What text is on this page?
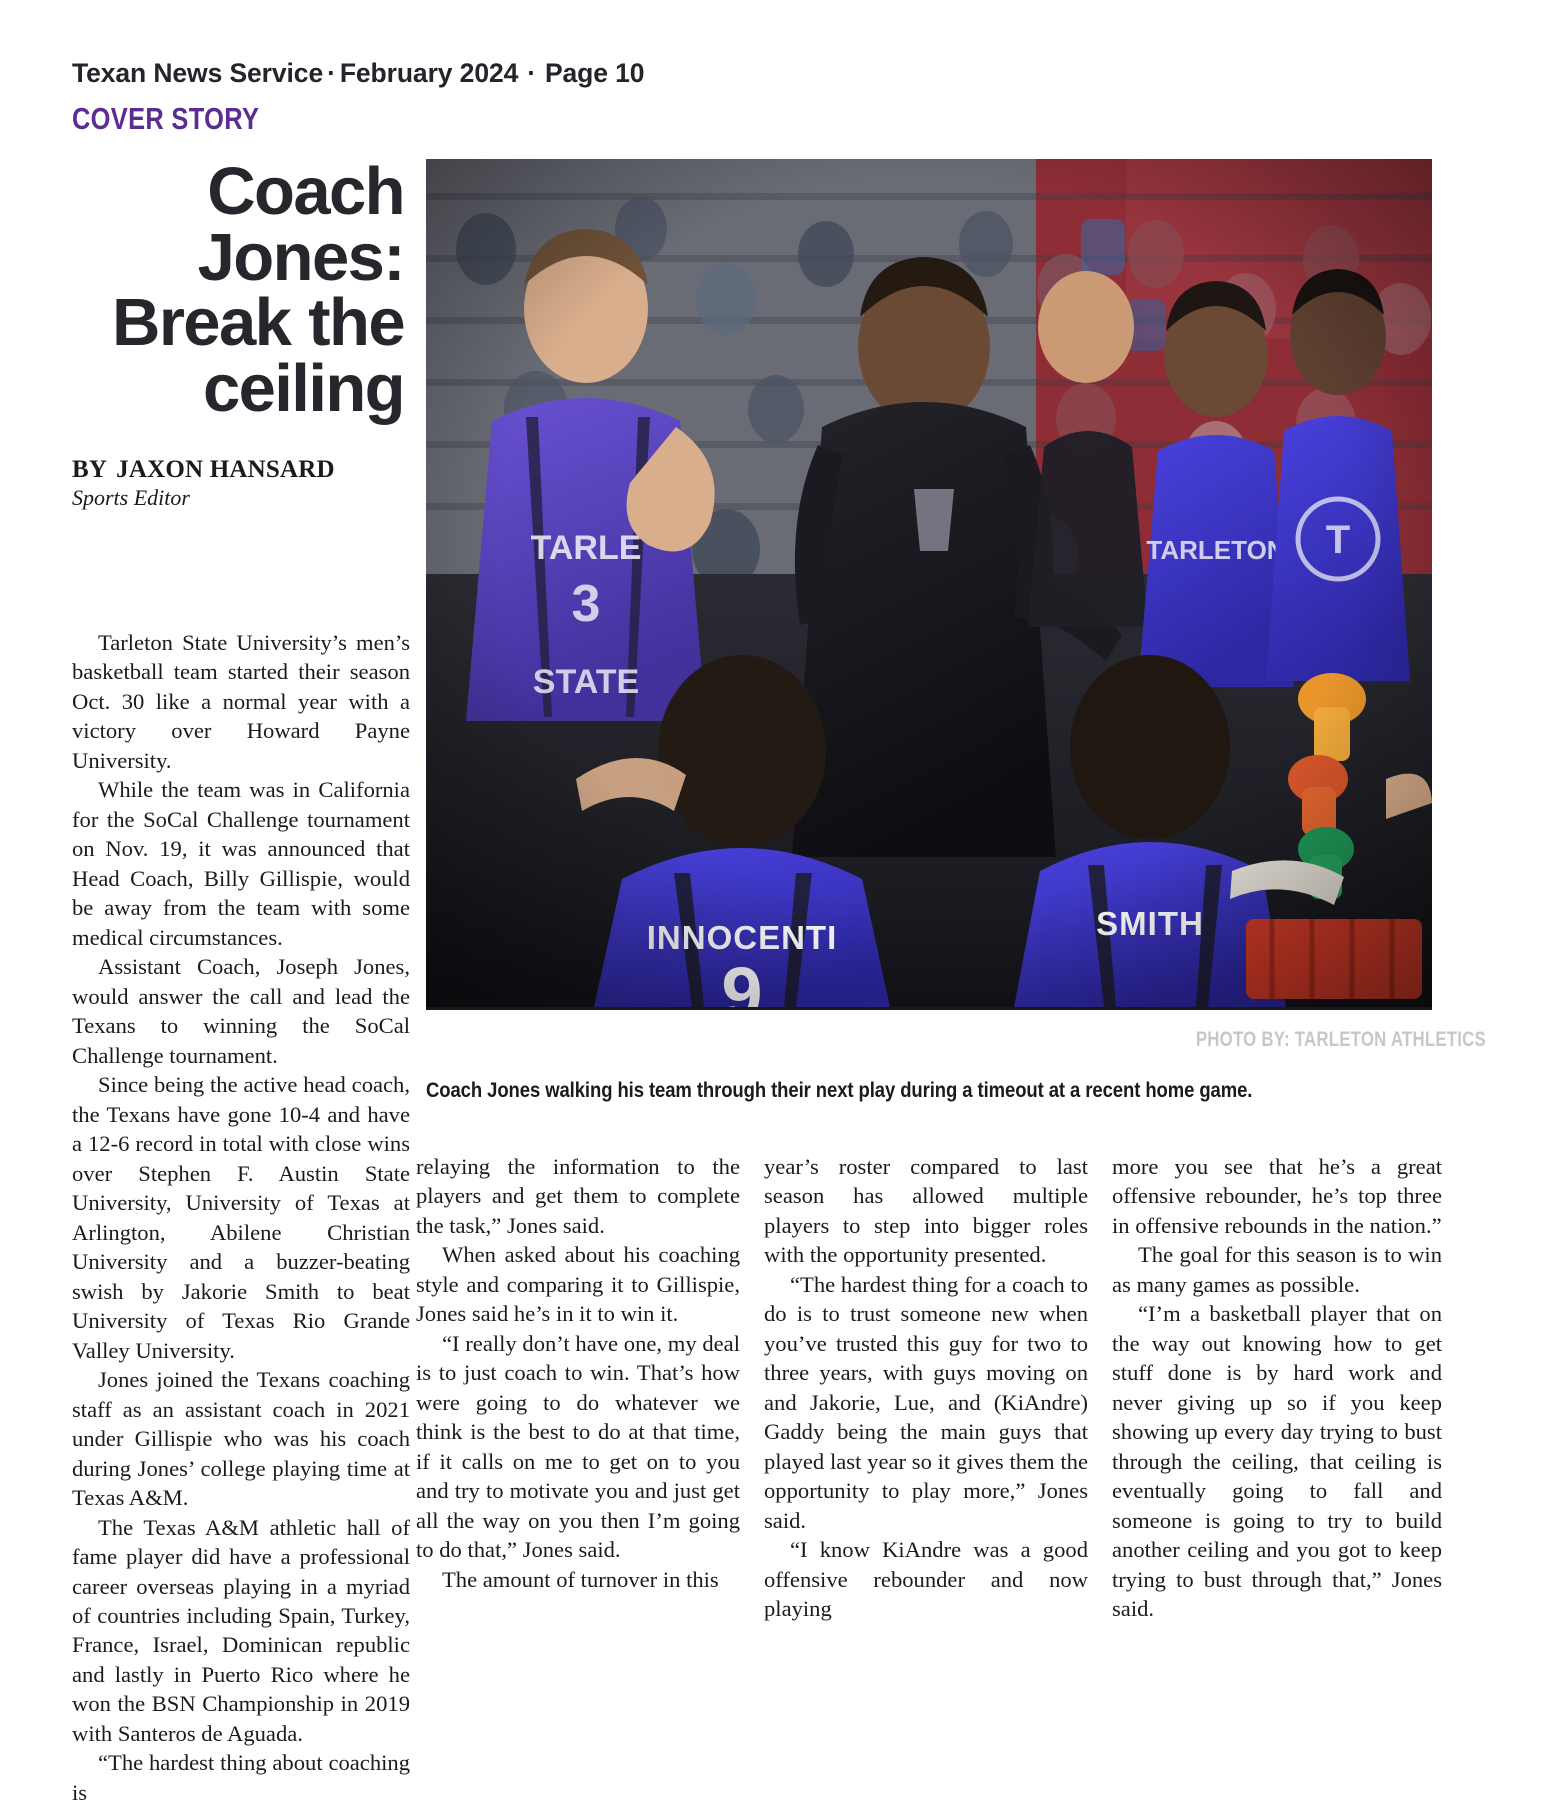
Texan News Service · February 2024 · Page 10
COVER STORY
Coach Jones: Break the ceiling
BY JAXON HANSARD
Sports Editor
PHOTO BY: TARLETON ATHLETICS
Coach Jones walking his team through their next play during a timeout at a recent home game.

Tarleton State University’s men’s basketball team started their season Oct. 30 like a normal year with a victory over Howard Payne University.

While the team was in California for the SoCal Challenge tournament on Nov. 19, it was announced that Head Coach, Billy Gillispie, would be away from the team with some medical circumstances.

Assistant Coach, Joseph Jones, would answer the call and lead the Texans to winning the SoCal Challenge tournament.

Since being the active head coach, the Texans have gone 10-4 and have a 12-6 record in total with close wins over Stephen F. Austin State University, University of Texas at Arlington, Abilene Christian University and a buzzer-beating swish by Jakorie Smith to beat University of Texas Rio Grande Valley University.

Jones joined the Texans coaching staff as an assistant coach in 2021 under Gillispie who was his coach during Jones’ college playing time at Texas A&M.

The Texas A&M athletic hall of fame player did have a professional career overseas playing in a myriad of countries including Spain, Turkey, France, Israel, Dominican republic and lastly in Puerto Rico where he won the BSN Championship in 2019 with Santeros de Aguada.

“The hardest thing about coaching is

relaying the information to the players and get them to complete the task,” Jones said.

When asked about his coaching style and comparing it to Gillispie, Jones said he’s in it to win it.

“I really don’t have one, my deal is to just coach to win. That’s how were going to do whatever we think is the best to do at that time, if it calls on me to get on to you and try to motivate you and just get all the way on you then I’m going to do that,” Jones said.

The amount of turnover in this

year’s roster compared to last season has allowed multiple players to step into bigger roles with the opportunity presented.

“The hardest thing for a coach to do is to trust someone new when you’ve trusted this guy for two to three years, with guys moving on and Jakorie, Lue, and (KiAndre) Gaddy being the main guys that played last year so it gives them the opportunity to play more,” Jones said.

“I know KiAndre was a good offensive rebounder and now playing

more you see that he’s a great offensive rebounder, he’s top three in offensive rebounds in the nation.”

The goal for this season is to win as many games as possible.

“I’m a basketball player that on the way out knowing how to get stuff done is by hard work and never giving up so if you keep showing up every day trying to bust through the ceiling, that ceiling is eventually going to fall and someone is going to try to build another ceiling and you got to keep trying to bust through that,” Jones said.
